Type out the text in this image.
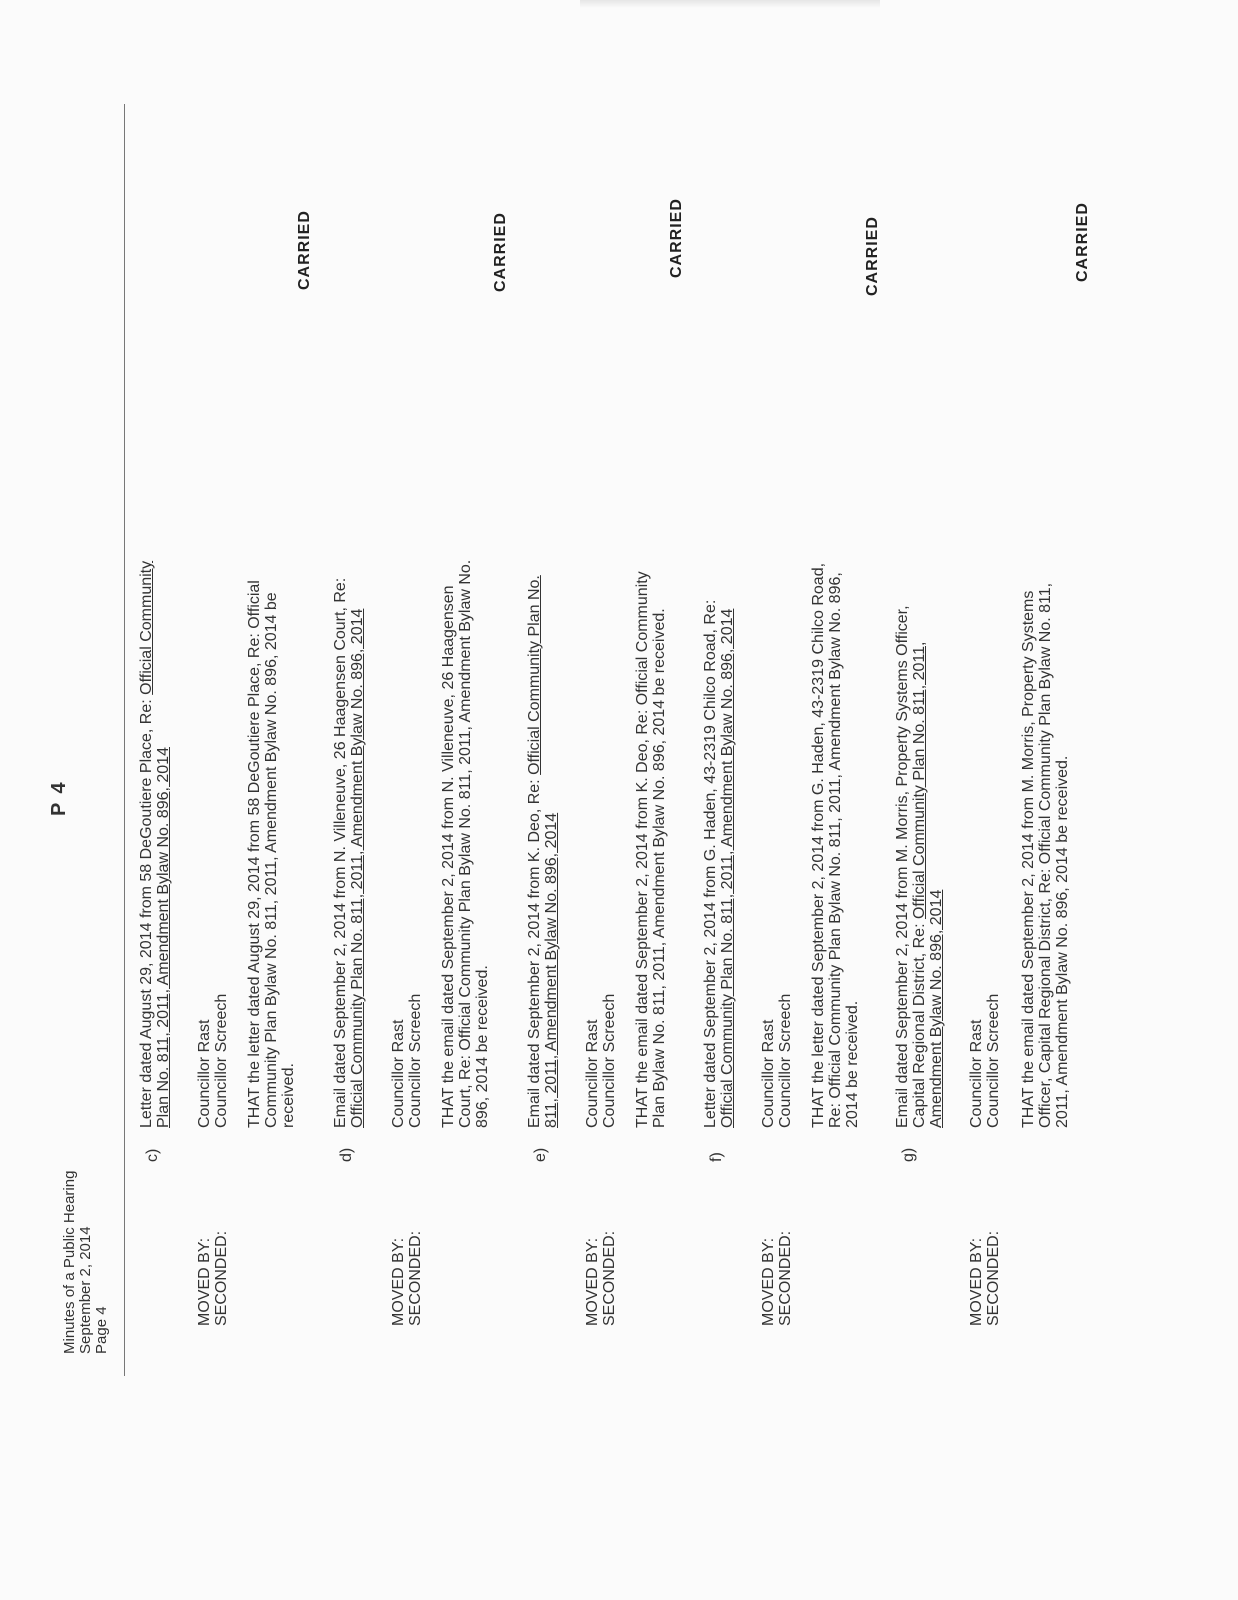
Minutes of a Public Hearing September 2, 2014 Page 4
P 4
c)
Letter dated August 29, 2014 from 58 DeGoutiere Place, Re: Official Community
Plan No. 811, 2011, Amendment Bylaw No. 896, 2014
MOVED BY: SECONDED:
Councillor Rast Councillor Screech THAT the letter dated August 29, 2014 from 58 DeGoutiere Place, Re: Official Community Plan Bylaw No. 811, 2011, Amendment Bylaw No. 896, 2014 be received.
CARRIED
d)
Email dated September 2, 2014 from N. Villeneuve, 26 Haagensen Court, Re: Official Community Plan No. 811, 2011, Amendment Bylaw No. 896, 2014
MOVED BY: SECONDED:
Councillor Rast Councillor Screech THAT the email dated September 2, 2014 from N. Villeneuve, 26 Haagensen Court, Re: Official Community Plan Bylaw No. 811, 2011, Amendment Bylaw No. 896, 2014 be received.
CARRIED
e)
Email dated September 2, 2014 from K. Deo, Re: Official Community Plan No.
811, 2011, Amendment Bylaw No. 896, 2014
MOVED BY: SECONDED:
Councillor Rast Councillor Screech THAT the email dated September 2, 2014 from K. Deo, Re: Official Community Plan Bylaw No. 811, 2011, Amendment Bylaw No. 896, 2014 be received.
CARRIED
f)
Letter dated September 2, 2014 from G. Haden, 43-2319 Chilco Road, Re: Official Community Plan No. 811, 2011, Amendment Bylaw No. 896, 2014
MOVED BY: SECONDED:
Councillor Rast Councillor Screech THAT the letter dated September 2, 2014 from G. Haden, 43-2319 Chilco Road, Re: Official Community Plan Bylaw No. 811, 2011, Amendment Bylaw No. 896, 2014 be received.
CARRIED
g)
Email dated September 2, 2014 from M. Morris, Property Systems Officer, Capital Regional District, Re: Official Community Plan No. 811, 2011,
Amendment Bylaw No. 896, 2014
MOVED BY: SECONDED:
Councillor Rast Councillor Screech THAT the email dated September 2, 2014 from M. Morris, Property Systems Officer, Capital Regional District, Re: Official Community Plan Bylaw No. 811, 2011, Amendment Bylaw No. 896, 2014 be received.
CARRIED
